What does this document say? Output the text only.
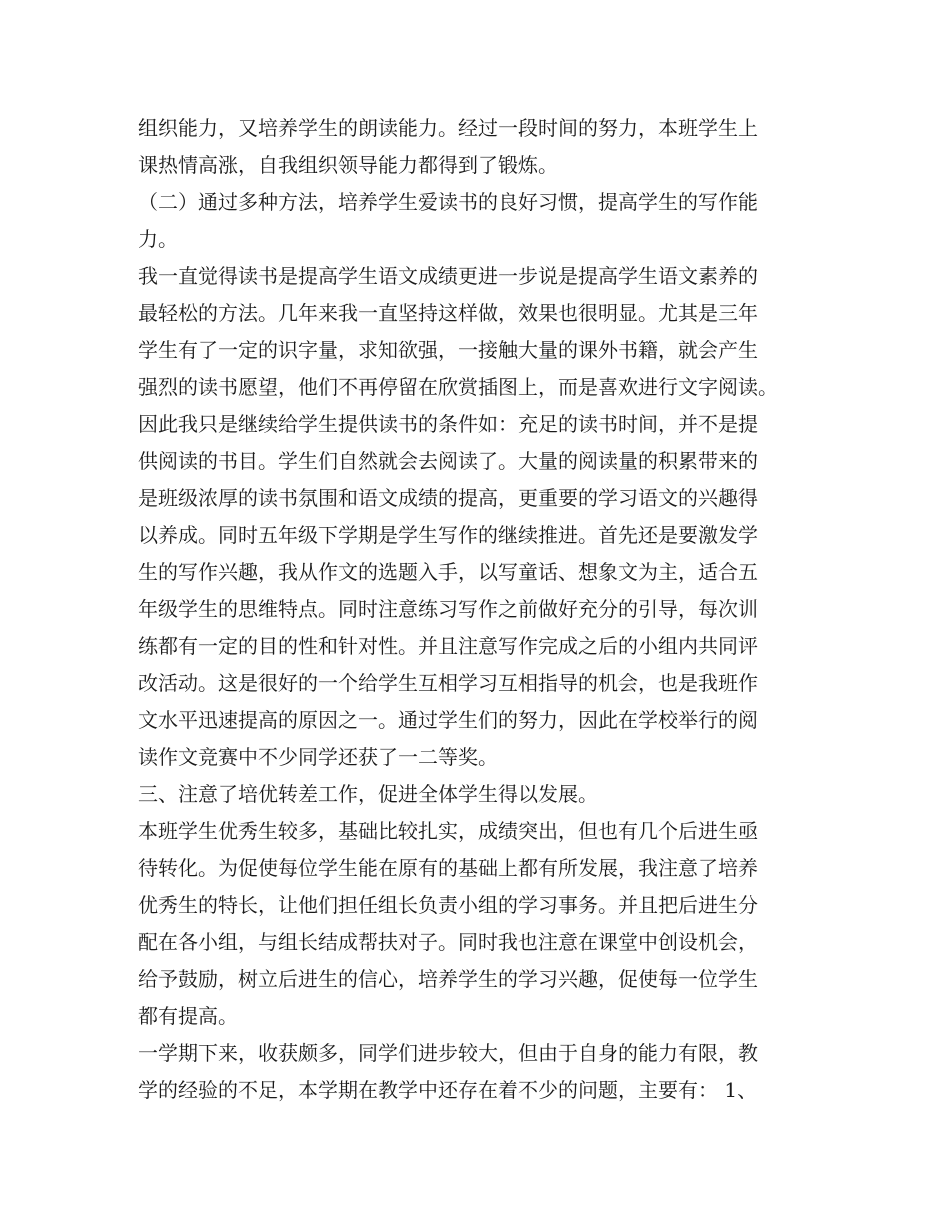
组织能力，又培养学生的朗读能力。经过一段时间的努力，本班学生上
课热情高涨，自我组织领导能力都得到了锻炼。
（二）通过多种方法，培养学生爱读书的良好习惯，提高学生的写作能
力。
我一直觉得读书是提高学生语文成绩更进一步说是提高学生语文素养的
最轻松的方法。几年来我一直坚持这样做，效果也很明显。尤其是三年
学生有了一定的识字量，求知欲强，一接触大量的课外书籍，就会产生
强烈的读书愿望，他们不再停留在欣赏插图上，而是喜欢进行文字阅读。
因此我只是继续给学生提供读书的条件如：充足的读书时间，并不是提
供阅读的书目。学生们自然就会去阅读了。大量的阅读量的积累带来的
是班级浓厚的读书氛围和语文成绩的提高，更重要的学习语文的兴趣得
以养成。同时五年级下学期是学生写作的继续推进。首先还是要激发学
生的写作兴趣，我从作文的选题入手，以写童话、想象文为主，适合五
年级学生的思维特点。同时注意练习写作之前做好充分的引导，每次训
练都有一定的目的性和针对性。并且注意写作完成之后的小组内共同评
改活动。这是很好的一个给学生互相学习互相指导的机会，也是我班作
文水平迅速提高的原因之一。通过学生们的努力，因此在学校举行的阅
读作文竞赛中不少同学还获了一二等奖。
三、注意了培优转差工作，促进全体学生得以发展。
本班学生优秀生较多，基础比较扎实，成绩突出，但也有几个后进生亟
待转化。为促使每位学生能在原有的基础上都有所发展，我注意了培养
优秀生的特长，让他们担任组长负责小组的学习事务。并且把后进生分
配在各小组，与组长结成帮扶对子。同时我也注意在课堂中创设机会，
给予鼓励，树立后进生的信心，培养学生的学习兴趣，促使每一位学生
都有提高。
一学期下来，收获颇多，同学们进步较大，但由于自身的能力有限，教
学的经验的不足，本学期在教学中还存在着不少的问题，主要有： 1、
